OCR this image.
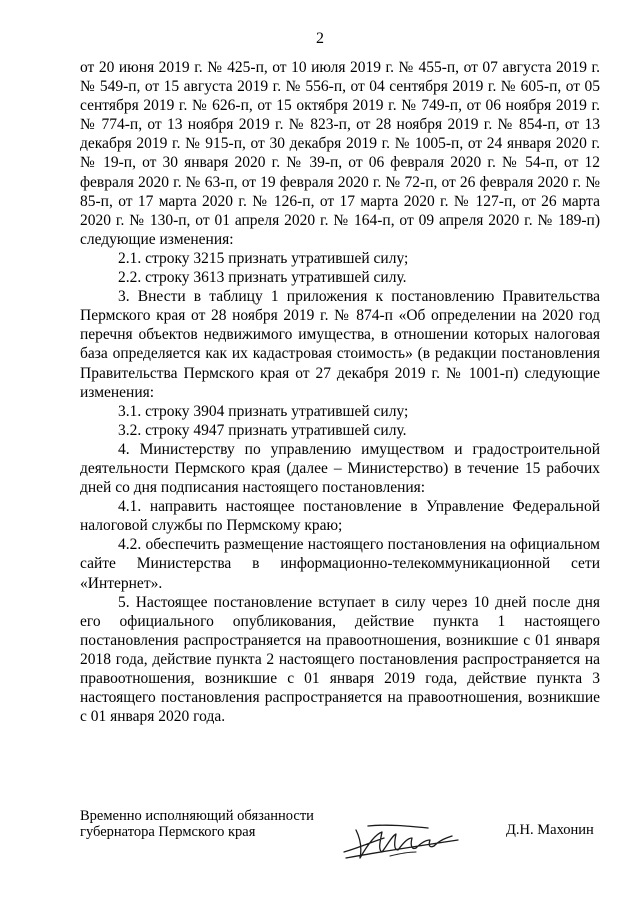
2

от 20 июня 2019 г. № 425-п, от 10 июля 2019 г. № 455-п, от 07 августа 2019 г. № 549-п, от 15 августа 2019 г. № 556-п, от 04 сентября 2019 г. № 605-п, от 05 сентября 2019 г. № 626-п, от 15 октября 2019 г. № 749-п, от 06 ноября 2019 г. № 774-п, от 13 ноября 2019 г. № 823-п, от 28 ноября 2019 г. № 854-п, от 13 декабря 2019 г. № 915-п, от 30 декабря 2019 г. № 1005-п, от 24 января 2020 г. № 19-п, от 30 января 2020 г. № 39-п, от 06 февраля 2020 г. № 54-п, от 12 февраля 2020 г. № 63-п, от 19 февраля 2020 г. № 72-п, от 26 февраля 2020 г. № 85-п, от 17 марта 2020 г. № 126-п, от 17 марта 2020 г. № 127-п, от 26 марта 2020 г. № 130-п, от 01 апреля 2020 г. № 164-п, от 09 апреля 2020 г. № 189-п) следующие изменения:

2.1. строку 3215 признать утратившей силу;

2.2. строку 3613 признать утратившей силу.

3. Внести в таблицу 1 приложения к постановлению Правительства Пермского края от 28 ноября 2019 г. № 874-п «Об определении на 2020 год перечня объектов недвижимого имущества, в отношении которых налоговая база определяется как их кадастровая стоимость» (в редакции постановления Правительства Пермского края от 27 декабря 2019 г. № 1001-п) следующие изменения:

3.1. строку 3904 признать утратившей силу;

3.2. строку 4947 признать утратившей силу.

4. Министерству по управлению имуществом и градостроительной деятельности Пермского края (далее – Министерство) в течение 15 рабочих дней со дня подписания настоящего постановления:

4.1. направить настоящее постановление в Управление Федеральной налоговой службы по Пермскому краю;

4.2. обеспечить размещение настоящего постановления на официальном сайте Министерства в информационно-телекоммуникационной сети «Интернет».

5. Настоящее постановление вступает в силу через 10 дней после дня его официального опубликования, действие пункта 1 настоящего постановления распространяется на правоотношения, возникшие с 01 января 2018 года, действие пункта 2 настоящего постановления распространяется на правоотношения, возникшие с 01 января 2019 года, действие пункта 3 настоящего постановления распространяется на правоотношения, возникшие с 01 января 2020 года.

Временно исполняющий обязанности
губернатора Пермского края	Д.Н. Махонин
